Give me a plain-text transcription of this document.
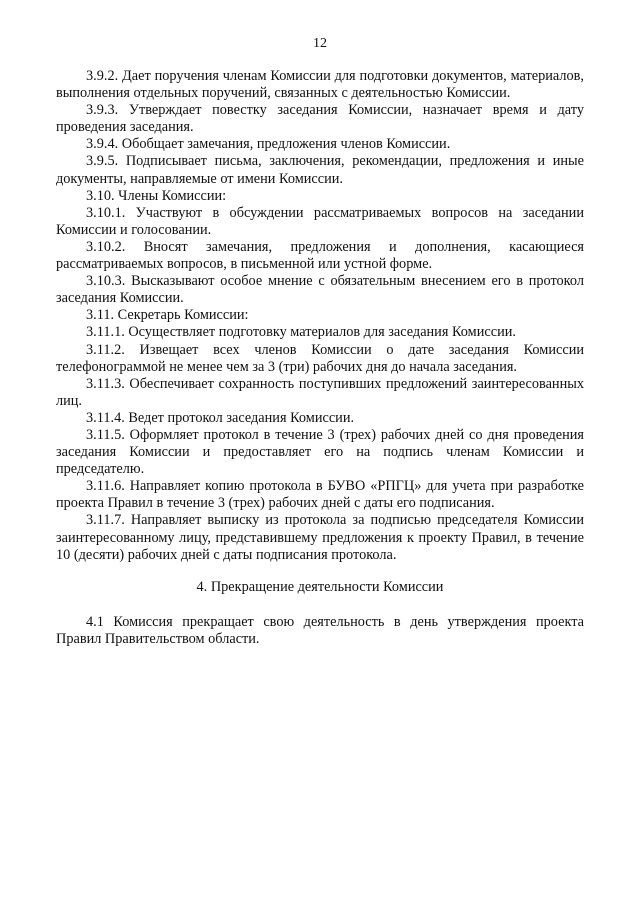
12

3.9.2. Дает поручения членам Комиссии для подготовки документов, материалов, выполнения отдельных поручений, связанных с деятельностью Комиссии.

3.9.3. Утверждает повестку заседания Комиссии, назначает время и дату проведения заседания.

3.9.4. Обобщает замечания, предложения членов Комиссии.

3.9.5. Подписывает письма, заключения, рекомендации, предложения и иные документы, направляемые от имени Комиссии.

3.10. Члены Комиссии:

3.10.1. Участвуют в обсуждении рассматриваемых вопросов на заседании Комиссии и голосовании.

3.10.2. Вносят замечания, предложения и дополнения, касающиеся рассматриваемых вопросов, в письменной или устной форме.

3.10.3. Высказывают особое мнение с обязательным внесением его в протокол заседания Комиссии.

3.11. Секретарь Комиссии:

3.11.1. Осуществляет подготовку материалов для заседания Комиссии.

3.11.2. Извещает всех членов Комиссии о дате заседания Комиссии телефонограммой не менее чем за 3 (три) рабочих дня до начала заседания.

3.11.3. Обеспечивает сохранность поступивших предложений заинтересованных лиц.

3.11.4. Ведет протокол заседания Комиссии.

3.11.5. Оформляет протокол в течение 3 (трех) рабочих дней со дня проведения заседания Комиссии и предоставляет его на подпись членам Комиссии и председателю.

3.11.6. Направляет копию протокола в БУВО «РПГЦ» для учета при разработке проекта Правил в течение 3 (трех) рабочих дней с даты его подписания.

3.11.7. Направляет выписку из протокола за подписью председателя Комиссии заинтересованному лицу, представившему предложения к проекту Правил, в течение 10 (десяти) рабочих дней с даты подписания протокола.

4. Прекращение деятельности Комиссии

4.1 Комиссия прекращает свою деятельность в день утверждения проекта Правил Правительством области.
